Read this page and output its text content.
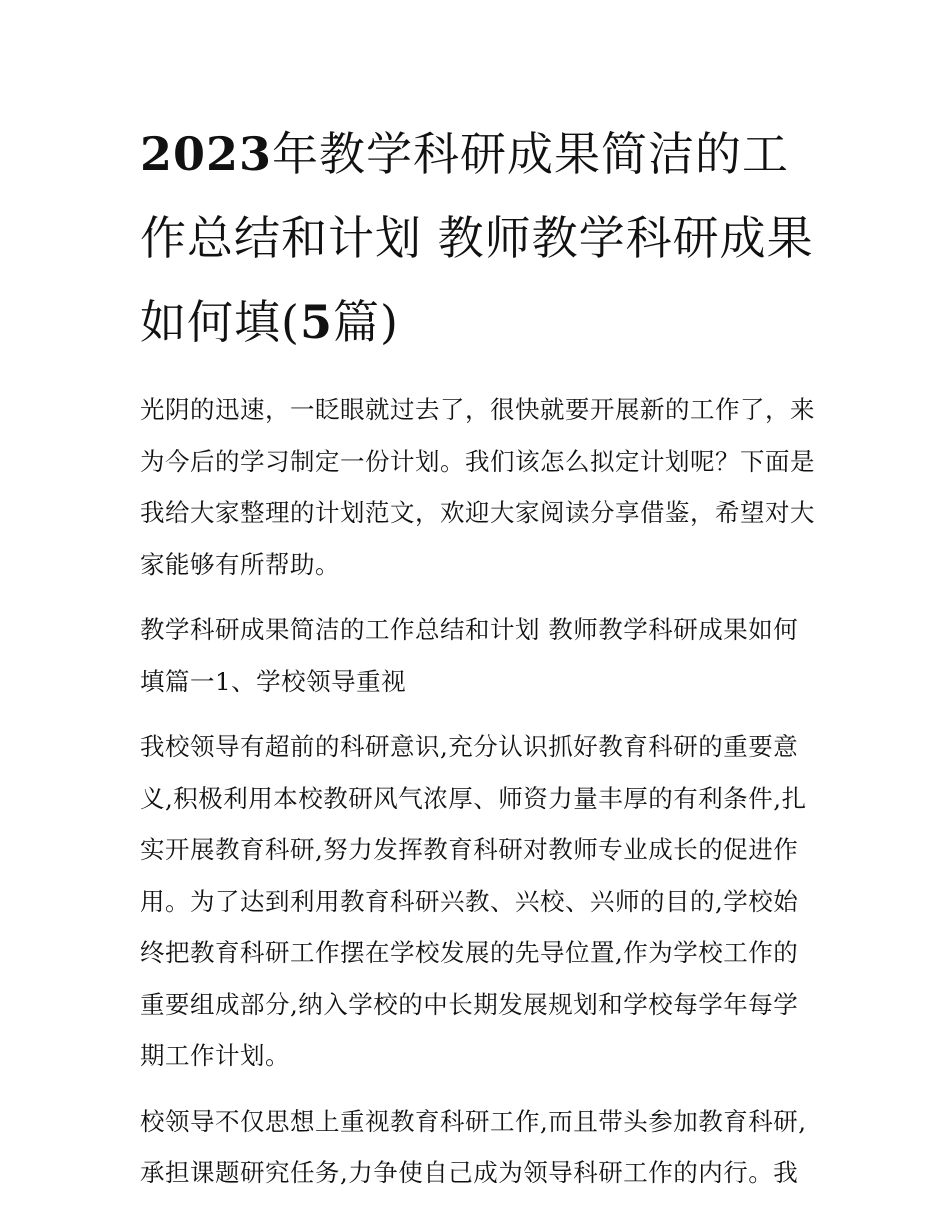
2023年教学科研成果简洁的工作总结和计划 教师教学科研成果如何填(5篇)

光阴的迅速，一眨眼就过去了，很快就要开展新的工作了，来为今后的学习制定一份计划。我们该怎么拟定计划呢？下面是我给大家整理的计划范文，欢迎大家阅读分享借鉴，希望对大家能够有所帮助。

教学科研成果简洁的工作总结和计划 教师教学科研成果如何填篇一1、学校领导重视

我校领导有超前的科研意识,充分认识抓好教育科研的重要意义,积极利用本校教研风气浓厚、师资力量丰厚的有利条件,扎实开展教育科研,努力发挥教育科研对教师专业成长的促进作用。为了达到利用教育科研兴教、兴校、兴师的目的,学校始终把教育科研工作摆在学校发展的先导位置,作为学校工作的重要组成部分,纳入学校的中长期发展规划和学校每学年每学期工作计划。

校领导不仅思想上重视教育科研工作,而且带头参加教育科研,承担课题研究任务,力争使自己成为领导科研工作的内行。我
